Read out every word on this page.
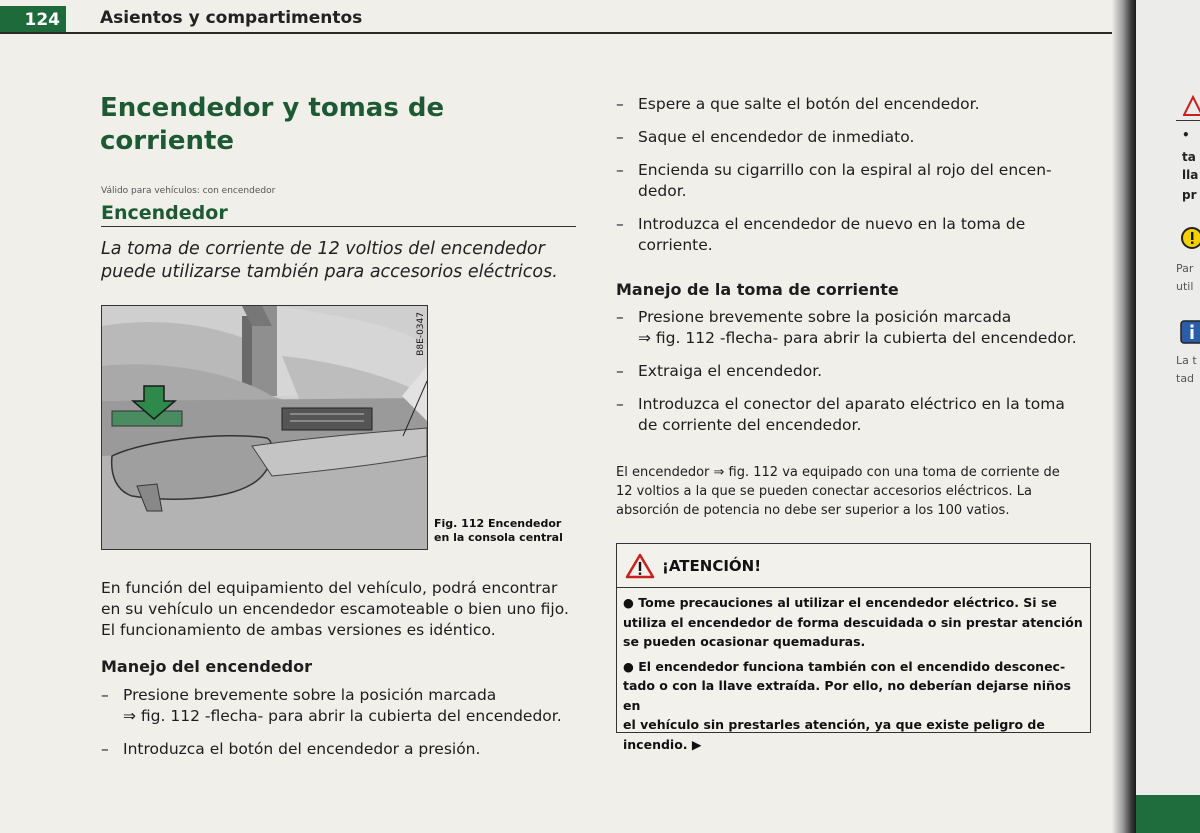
124	Asientos y compartimentos
Encendedor y tomas de
corriente
Válido para vehículos: con encendedor
Encendedor
La toma de corriente de 12 voltios del encendedor puede utilizarse también para accesorios eléctricos.
B8E-0347
Fig. 112 Encendedor
en la consola central
En función del equipamiento del vehículo, podrá encontrar
en su vehículo un encendedor escamoteable o bien uno fijo.
El funcionamiento de ambas versiones es idéntico.
Manejo del encendedor
– Presione brevemente sobre la posición marcada
⇒ fig. 112 -flecha- para abrir la cubierta del encendedor.
– Introduzca el botón del encendedor a presión.
– Espere a que salte el botón del encendedor.
– Saque el encendedor de inmediato.
– Encienda su cigarrillo con la espiral al rojo del encen-
dedor.
– Introduzca el encendedor de nuevo en la toma de
corriente.
Manejo de la toma de corriente
– Presione brevemente sobre la posición marcada
⇒ fig. 112 -flecha- para abrir la cubierta del encendedor.
– Extraiga el encendedor.
– Introduzca el conector del aparato eléctrico en la toma
de corriente del encendedor.
El encendedor ⇒ fig. 112 va equipado con una toma de corriente de
12 voltios a la que se pueden conectar accesorios eléctricos. La
absorción de potencia no debe ser superior a los 100 vatios.
¡ATENCIÓN!

● Tome precauciones al utilizar el encendedor eléctrico. Si se
utiliza el encendedor de forma descuidada o sin prestar atención
se pueden ocasionar quemaduras.

● El encendedor funciona también con el encendido desconec-
tado o con la llave extraída. Por ello, no deberían dejarse niños en
el vehículo sin prestarles atención, ya que existe peligro de
incendio. ▶

•
ta
lla
pr
Par
util
La t
tad
